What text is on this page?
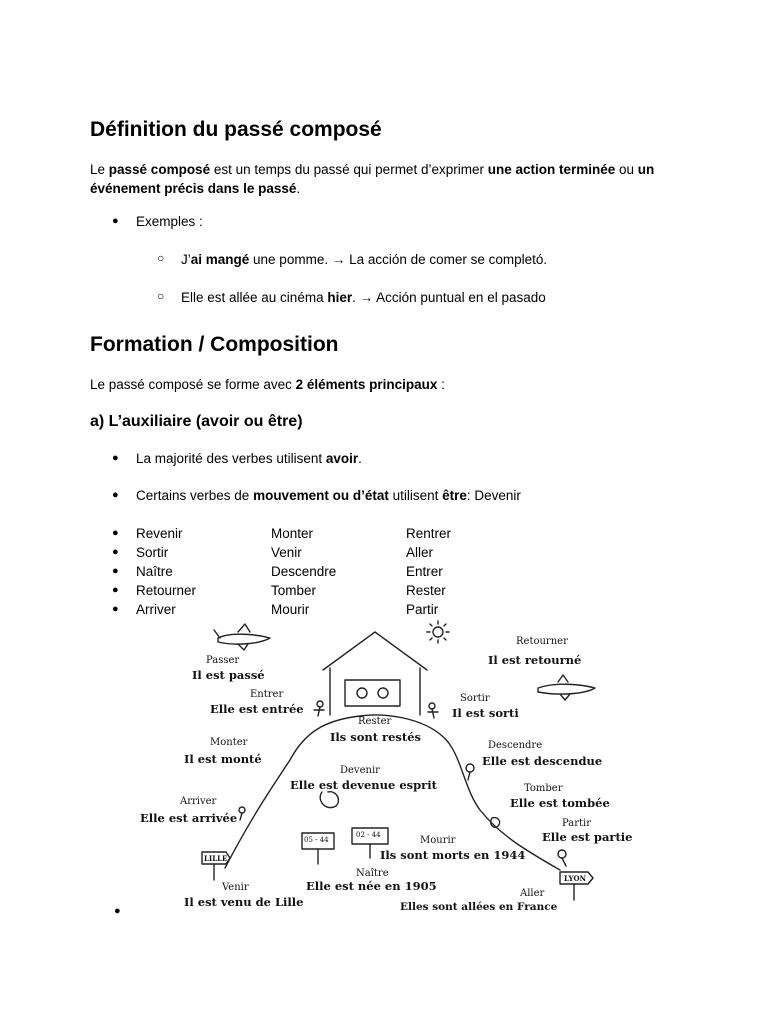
Définition du passé composé

Le passé composé est un temps du passé qui permet d’exprimer une action terminée ou un événement précis dans le passé.

● Exemples :
○ J’ai mangé une pomme. → La acción de comer se completó.
○ Elle est allée au cinéma hier. → Acción puntual en el pasado
Formation / Composition

Le passé composé se forme avec 2 éléments principaux :

a) L’auxiliaire (avoir ou être)
● La majorité des verbes utilisent avoir.
● Certains verbes de mouvement ou d’état utilisent être: Devenir
● Revenir
● Sortir
● Naître
● Retourner
● Arriver
Monter
Venir
Descendre
Tomber
Mourir
Rentrer
Aller
Entrer
Rester
Partir
Passer
Il est passé
Entrer
Elle est entrée
Rester
Ils sont restés
Sortir
Il est sorti
Retourner
Il est retourné
Monter
Il est monté
Devenir
Elle est devenue esprit
Descendre
Elle est descendue
Tomber
Elle est tombée
Arriver
Elle est arrivée	Partir
Elle est partie
Mourir
Ils sont morts en 1944
Naître
Elle est née en 1905
Venir
Il est venu de Lille
Aller
Elles sont allées en France
LILLE
LYON
05 - 44
02 - 44
●
